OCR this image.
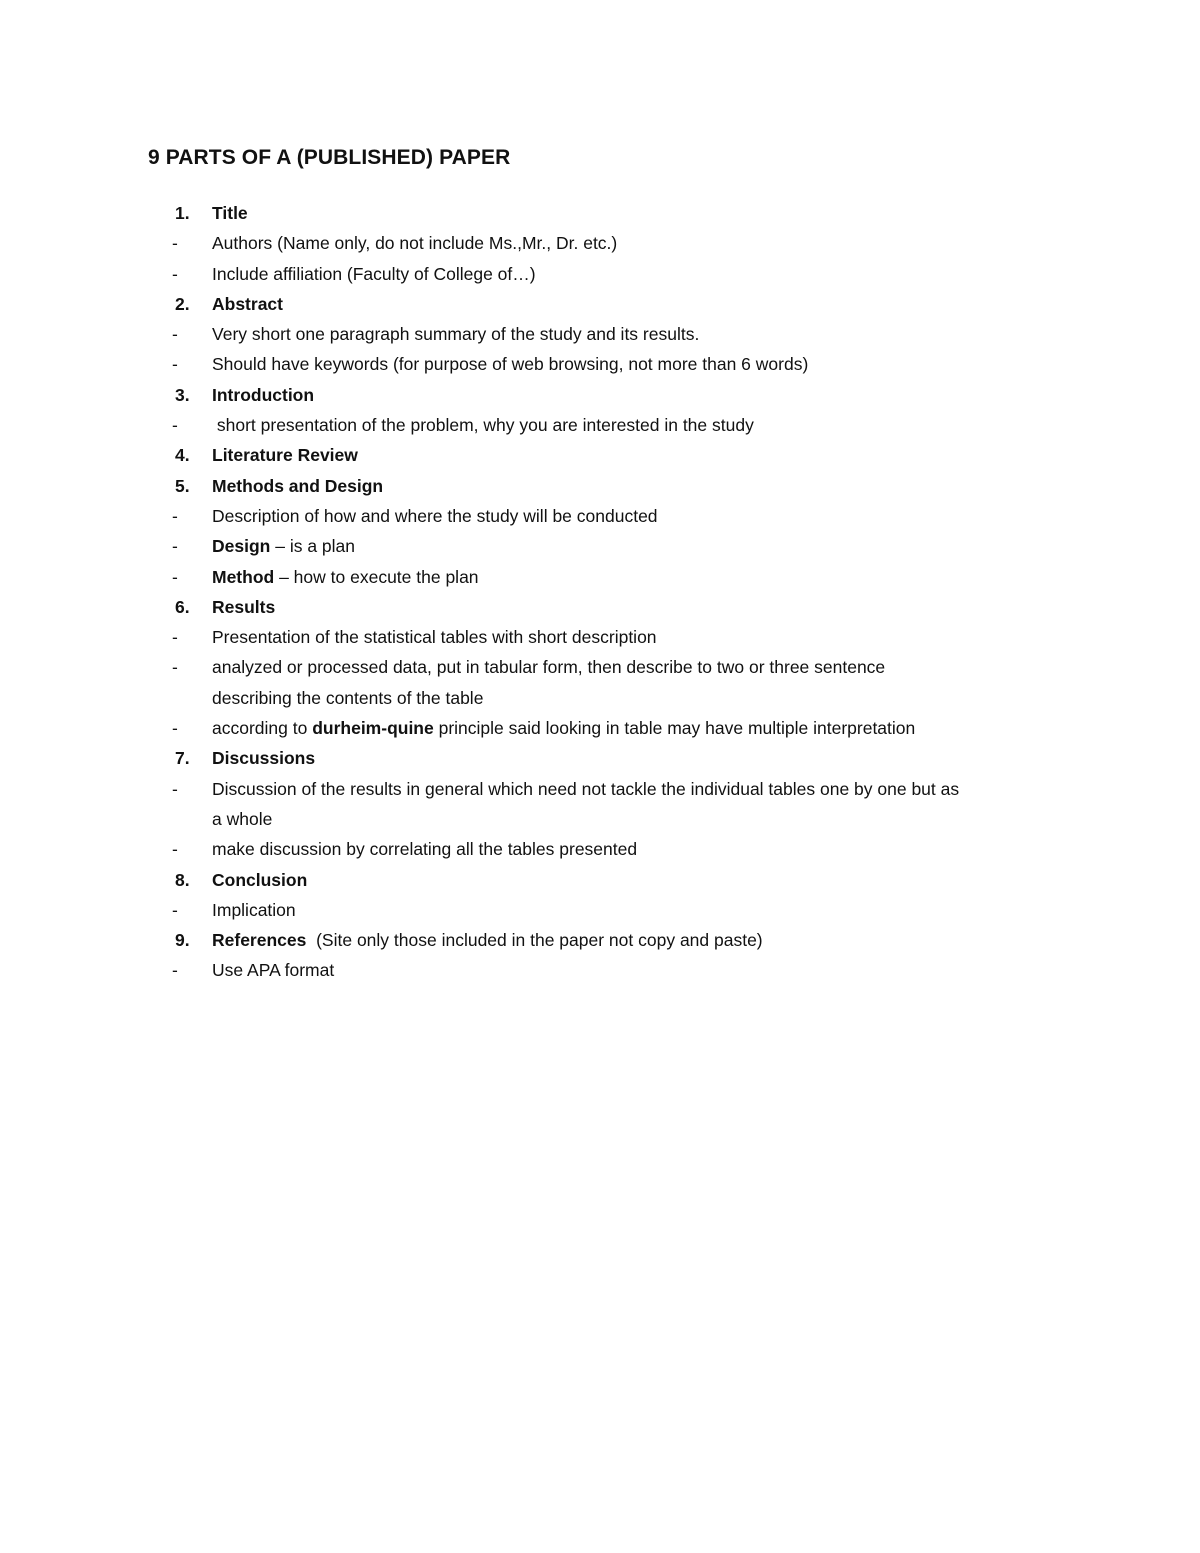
9 PARTS OF A (PUBLISHED) PAPER
1. Title
- Authors (Name only, do not include Ms.,Mr., Dr. etc.)
- Include affiliation (Faculty of College of…)
2. Abstract
- Very short one paragraph summary of the study and its results.
- Should have keywords (for purpose of web browsing, not more than 6 words)
3. Introduction
- short presentation of the problem, why you are interested in the study
4. Literature Review
5. Methods and Design
- Description of how and where the study will be conducted
- Design – is a plan
- Method – how to execute the plan
6. Results
- Presentation of the statistical tables with short description
- analyzed or processed data, put in tabular form, then describe to two or three sentence
describing the contents of the table
- according to durheim-quine principle said looking in table may have multiple interpretation
7. Discussions
- Discussion of the results in general which need not tackle the individual tables one by one but as
a whole
- make discussion by correlating all the tables presented
8. Conclusion
- Implication
9. References  (Site only those included in the paper not copy and paste)
- Use APA format
